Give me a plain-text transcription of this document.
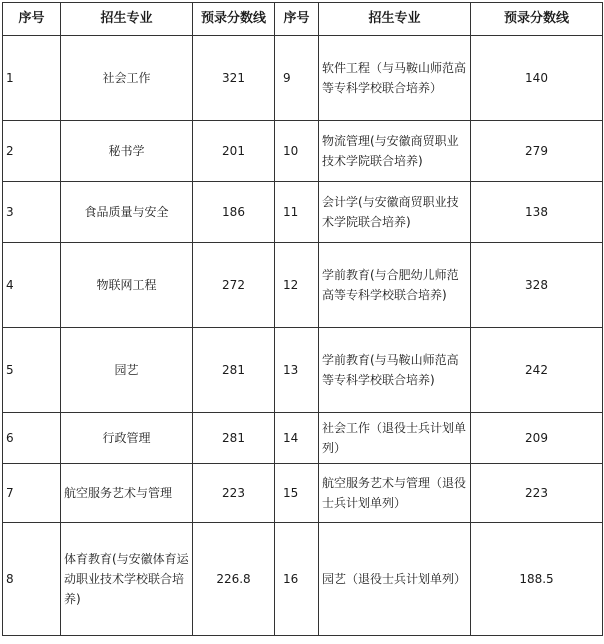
序号	招生专业	预录分数线	序号	招生专业	预录分数线
1	社会工作	321	9	软件工程（与马鞍山师范高等专科学校联合培养）	140
2	秘书学	201	10	物流管理(与安徽商贸职业技术学院联合培养)	279
3	食品质量与安全	186	11	会计学(与安徽商贸职业技术学院联合培养)	138
4	物联网工程	272	12	学前教育(与合肥幼儿师范高等专科学校联合培养)	328
5	园艺	281	13	学前教育(与马鞍山师范高等专科学校联合培养)	242
6	行政管理	281	14	社会工作（退役士兵计划单列）	209
7	航空服务艺术与管理	223	15	航空服务艺术与管理（退役士兵计划单列）	223
8	体育教育(与安徽体育运动职业技术学校联合培养)	226.8	16	园艺（退役士兵计划单列）	188.5
